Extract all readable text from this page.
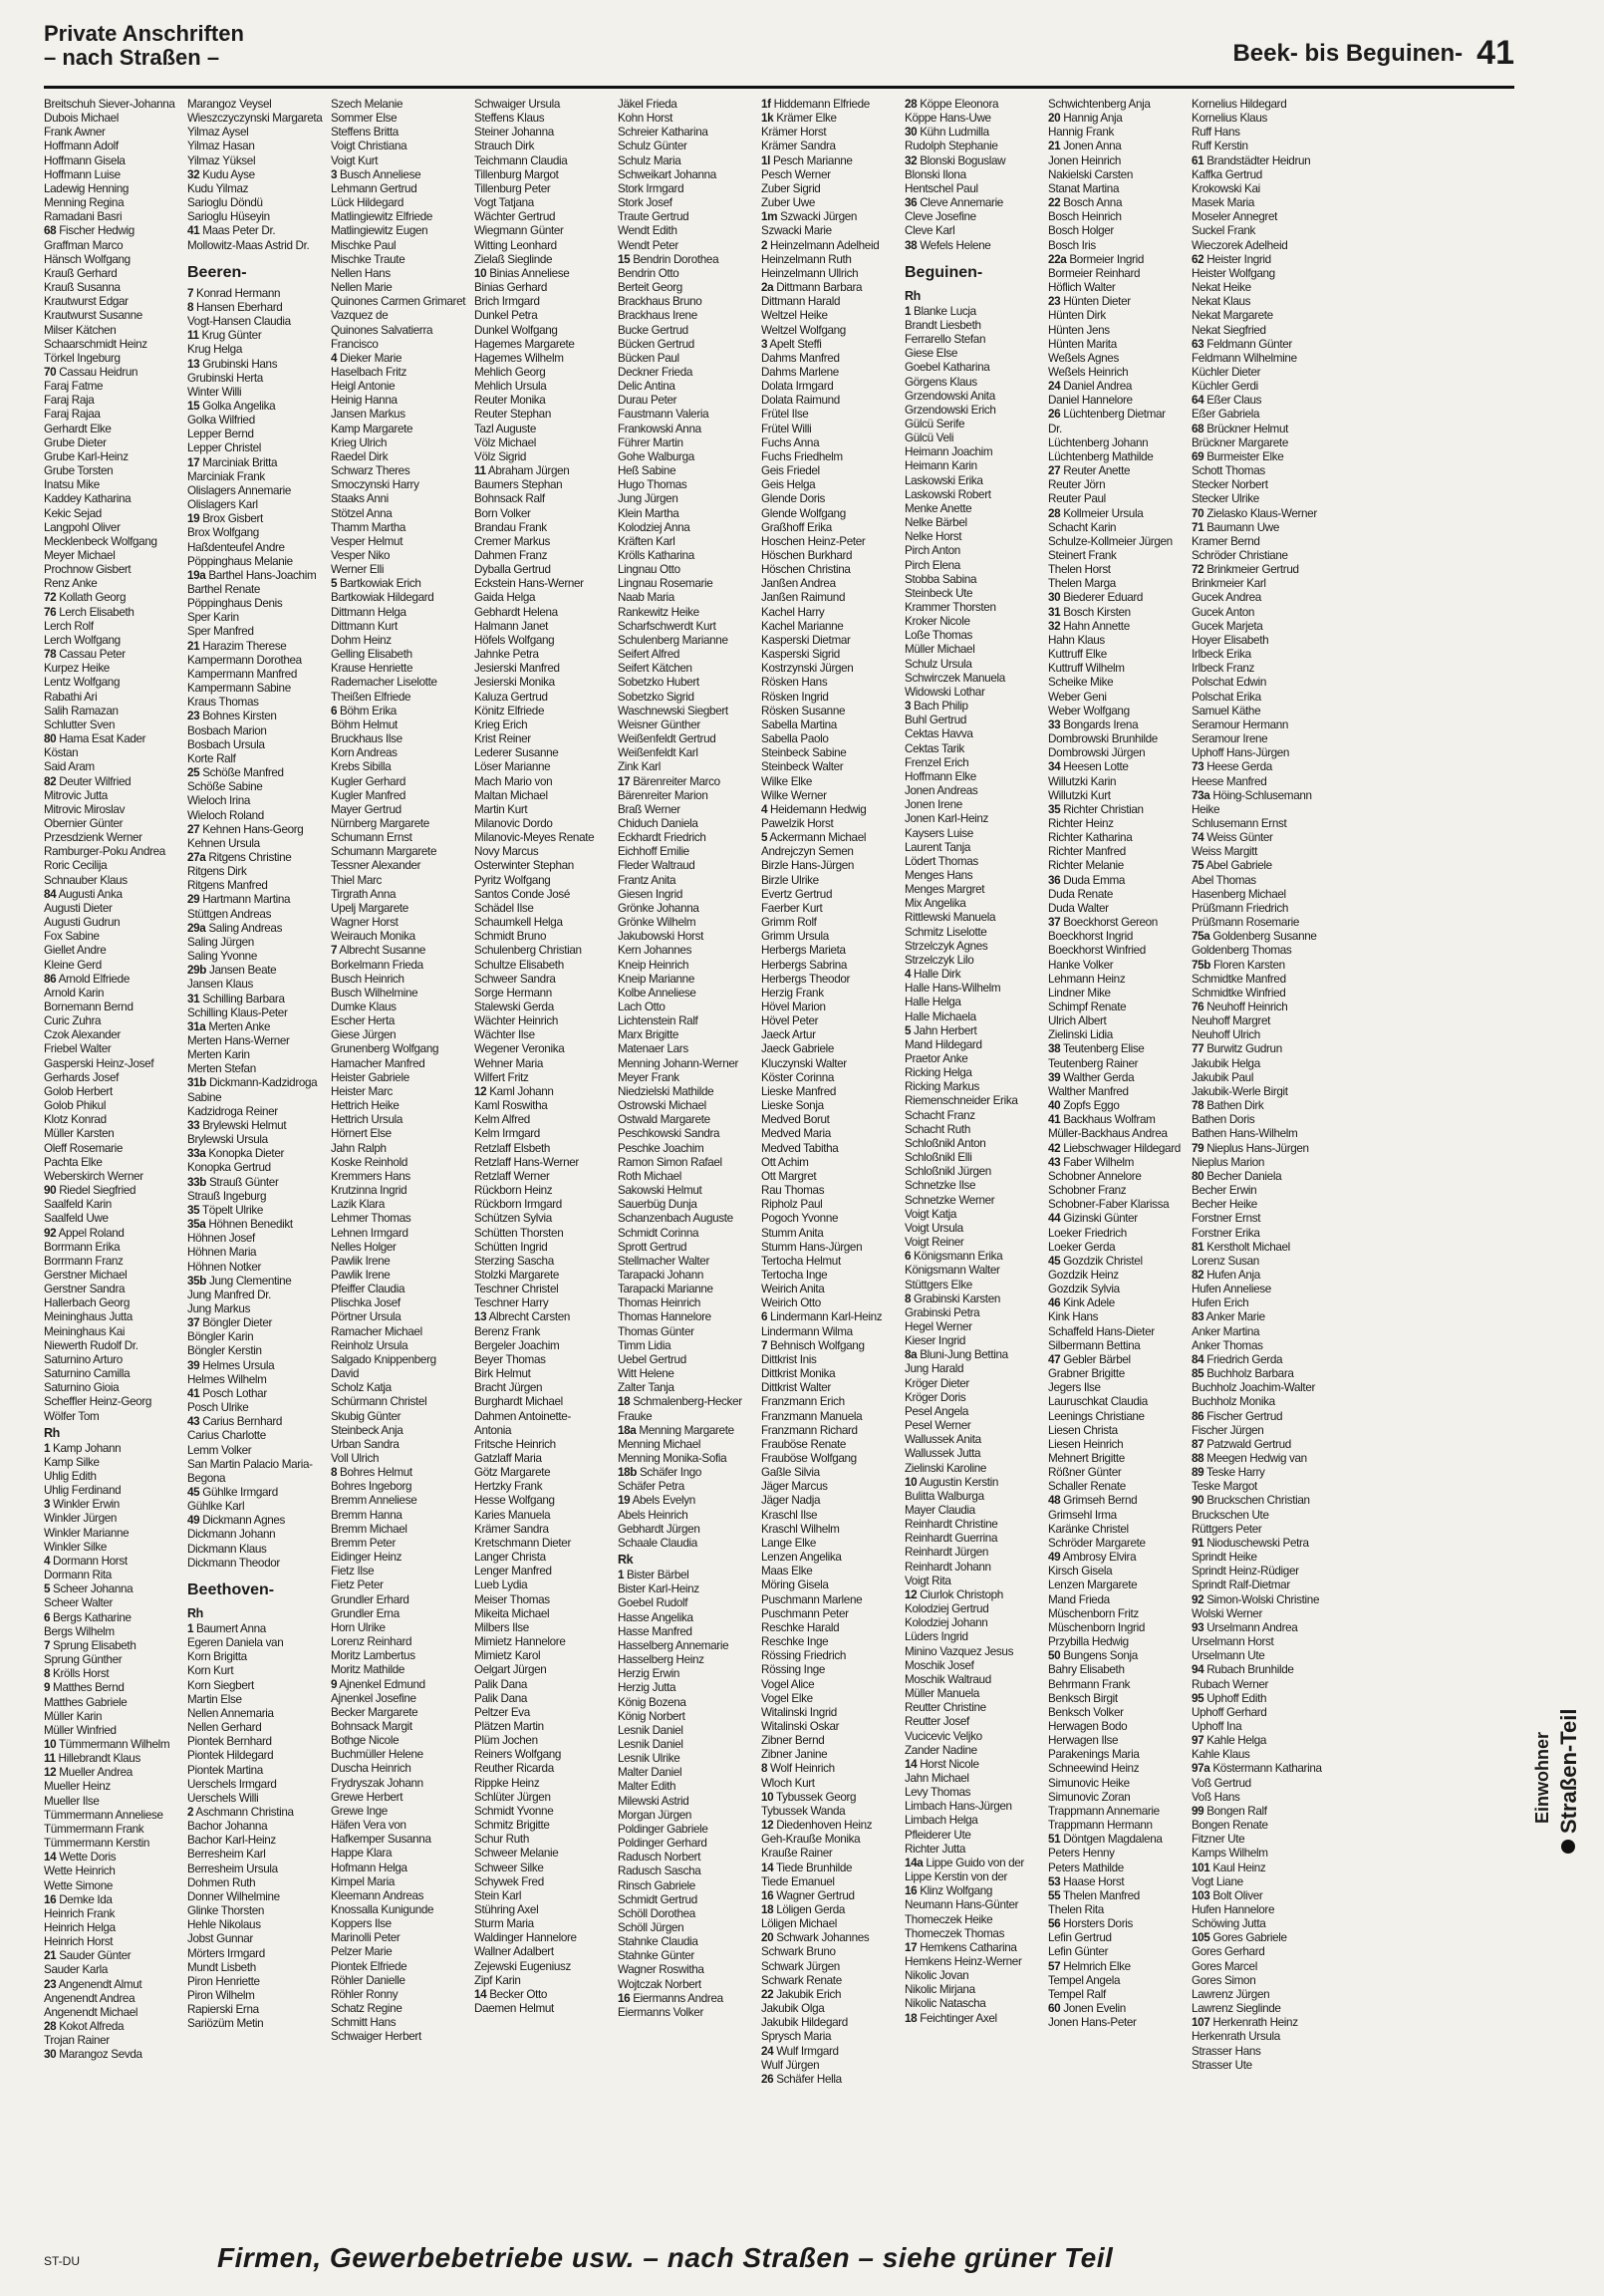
Private Anschriften
– nach Straßen –	Beek- bis Beguinen- 41
Breitschuh Siever-Johanna
Dubois Michael
Frank Awner
Hoffmann Adolf
Hoffmann Gisela
Hoffmann Luise
Ladewig Henning
Menning Regina
Ramadani Basri
68 Fischer Hedwig
Graffman Marco
Hänsch Wolfgang
Krauß Gerhard
Krauß Susanna
Krautwurst Edgar
Krautwurst Susanne
Milser Kätchen
Schaarschmidt Heinz
Törkel Ingeburg
70 Cassau Heidrun
Faraj Fatme
Faraj Raja
Faraj Rajaa
Gerhardt Elke
Grube Dieter
Grube Karl-Heinz
Grube Torsten
Inatsu Mike
Kaddey Katharina
Kekic Sejad
Langpohl Oliver
Mecklenbeck Wolfgang
Meyer Michael
Prochnow Gisbert
Renz Anke
72 Kollath Georg
76 Lerch Elisabeth
Lerch Rolf
Lerch Wolfgang
78 Cassau Peter
Kurpez Heike
Lentz Wolfgang
Rabathi Ari
Salih Ramazan
Schlutter Sven
80 Hama Esat Kader
Köstan
Said Aram
82 Deuter Wilfried
Mitrovic Jutta
Mitrovic Miroslav
Obernier Günter
Przesdzienk Werner
Ramburger-Poku Andrea
Roric Cecilija
Schnauber Klaus
84 Augusti Anka
Augusti Dieter
Augusti Gudrun
Fox Sabine
Giellet Andre
Kleine Gerd
86 Arnold Elfriede
Arnold Karin
Bornemann Bernd
Curic Zuhra
Czok Alexander
Friebel Walter
Gasperski Heinz-Josef
Gerhards Josef
Golob Herbert
Golob Phikul
Klotz Konrad
Müller Karsten
Oleff Rosemarie
Pachta Elke
Weberskirch Werner
90 Riedel Siegfried
Saalfeld Karin
Saalfeld Uwe
92 Appel Roland
Borrmann Erika
Borrmann Franz
Gerstner Michael
Gerstner Sandra
Hallerbach Georg
Meininghaus Jutta
Meininghaus Kai
Niewerth Rudolf Dr.
Saturnino Arturo
Saturnino Camilla
Saturnino Gioia
Scheffler Heinz-Georg
Wölfer Tom
Rh
1 Kamp Johann
Kamp Silke
Uhlig Edith
Uhlig Ferdinand
3 Winkler Erwin
Winkler Jürgen
Winkler Marianne
Winkler Silke
4 Dormann Horst
Dormann Rita
5 Scheer Johanna
Scheer Walter
6 Bergs Katharine
Bergs Wilhelm
7 Sprung Elisabeth
Sprung Günther
8 Krölls Horst
9 Matthes Bernd
Matthes Gabriele
Müller Karin
Müller Winfried
10 Tümmermann Wilhelm
11 Hillebrandt Klaus
12 Mueller Andrea
Mueller Heinz
Mueller Ilse
Tümmermann Anneliese
Tümmermann Frank
Tümmermann Kerstin
14 Wette Doris
Wette Heinrich
Wette Simone
16 Demke Ida
Heinrich Frank
Heinrich Helga
Heinrich Horst
21 Sauder Günter
Sauder Karla
23 Angenendt Almut
Angenendt Andrea
Angenendt Michael
28 Kokot Alfreda
Trojan Rainer
30 Marangoz Sevda
Marangoz Veysel
Wieszczyczynski Margareta
Yilmaz Aysel
Yilmaz Hasan
Yilmaz Yüksel
32 Kudu Ayse
Kudu Yilmaz
Sarioglu Döndü
Sarioglu Hüseyin
41 Maas Peter Dr.
Mollowitz-Maas Astrid Dr.
Beeren-
7 Konrad Hermann
8 Hansen Eberhard
Vogt-Hansen Claudia
11 Krug Günter
Krug Helga
13 Grubinski Hans
Grubinski Herta
Winter Willi
15 Golka Angelika
Golka Wilfried
Lepper Bernd
Lepper Christel
17 Marciniak Britta
Marciniak Frank
Olislagers Annemarie
Olislagers Karl
19 Brox Gisbert
Brox Wolfgang
Haßdenteufel Andre
Pöppinghaus Melanie
19a Barthel Hans-Joachim
Barthel Renate
Pöppinghaus Denis
Sper Karin
Sper Manfred
21 Harazim Therese
Kampermann Dorothea
Kampermann Manfred
Kampermann Sabine
Kraus Thomas
23 Bohnes Kirsten
Bosbach Marion
Bosbach Ursula
Korte Ralf
25 Schöße Manfred
Schöße Sabine
Wieloch Irina
Wieloch Roland
27 Kehnen Hans-Georg
Kehnen Ursula
27a Ritgens Christine
Ritgens Dirk
Ritgens Manfred
29 Hartmann Martina
Stüttgen Andreas
29a Saling Andreas
Saling Jürgen
Saling Yvonne
29b Jansen Beate
Jansen Klaus
31 Schilling Barbara
Schilling Klaus-Peter
31a Merten Anke
Merten Hans-Werner
Merten Karin
Merten Stefan
31b Dickmann-Kadzidroga
Sabine
Kadzidroga Reiner
33 Brylewski Helmut
Brylewski Ursula
33a Konopka Dieter
Konopka Gertrud
33b Strauß Günter
Strauß Ingeburg
35 Töpelt Ulrike
35a Höhnen Benedikt
Höhnen Josef
Höhnen Maria
Höhnen Notker
35b Jung Clementine
Jung Manfred Dr.
Jung Markus
37 Böngler Dieter
Böngler Karin
Böngler Kerstin
39 Helmes Ursula
Helmes Wilhelm
41 Posch Lothar
Posch Ulrike
43 Carius Bernhard
Carius Charlotte
Lemm Volker
San Martin Palacio Maria-
Begona
45 Gühlke Irmgard
Gühlke Karl
49 Dickmann Agnes
Dickmann Johann
Dickmann Klaus
Dickmann Theodor
Beethoven-
Rh
1 Baumert Anna
Egeren Daniela van
Korn Brigitta
Korn Kurt
Korn Siegbert
Martin Else
Nellen Annemaria
Nellen Gerhard
Piontek Bernhard
Piontek Hildegard
Piontek Martina
Uerschels Irmgard
Uerschels Willi
2 Aschmann Christina
Bachor Johanna
Bachor Karl-Heinz
Berresheim Karl
Berresheim Ursula
Dohmen Ruth
Donner Wilhelmine
Glinke Thorsten
Hehle Nikolaus
Jobst Gunnar
Mörters Irmgard
Mundt Lisbeth
Piron Henriette
Piron Wilhelm
Rapierski Erna
Sariözüm Metin
Szech Melanie
Sommer Else
Steffens Britta
Voigt Christiana
Voigt Kurt
3 Busch Anneliese
Lehmann Gertrud
Lück Hildegard
Matlingiewitz Elfriede
Matlingiewitz Eugen
Mischke Paul
Mischke Traute
Nellen Hans
Nellen Marie
Quinones Carmen Grimaret
Vazquez de
Quinones Salvatierra
Francisco
4 Dieker Marie
Haselbach Fritz
Heigl Antonie
Heinig Hanna
Jansen Markus
Kamp Margarete
Krieg Ulrich
Raedel Dirk
Schwarz Theres
Smoczynski Harry
Staaks Anni
Stötzel Anna
Thamm Martha
Vesper Helmut
Vesper Niko
Werner Elli
5 Bartkowiak Erich
Bartkowiak Hildegard
Dittmann Helga
Dittmann Kurt
Dohm Heinz
Gelling Elisabeth
Krause Henriette
Rademacher Liselotte
Theißen Elfriede
6 Böhm Erika
Böhm Helmut
Bruckhaus Ilse
Korn Andreas
Krebs Sibilla
Kugler Gerhard
Kugler Manfred
Mayer Gertrud
Nürnberg Margarete
Schumann Ernst
Schumann Margarete
Tessner Alexander
Thiel Marc
Tirgrath Anna
Upelj Margarete
Wagner Horst
Weirauch Monika
7 Albrecht Susanne
Borkelmann Frieda
Busch Heinrich
Busch Wilhelmine
Dumke Klaus
Escher Herta
Giese Jürgen
Grunenberg Wolfgang
Hamacher Manfred
Heister Gabriele
Heister Marc
Hettrich Heike
Hettrich Ursula
Hörnert Else
Jahn Ralph
Koske Reinhold
Kremmers Hans
Krutzinna Ingrid
Lazik Klara
Lehmer Thomas
Lehnen Irmgard
Nelles Holger
Pawlik Irene
Pawlik Irene
Pfeiffer Claudia
Plischka Josef
Pörtner Ursula
Ramacher Michael
Reinholz Ursula
Salgado Knippenberg
David
Scholz Katja
Schürmann Christel
Skubig Günter
Steinbeck Anja
Urban Sandra
Voll Ulrich
8 Bohres Helmut
Bohres Ingeborg
Bremm Anneliese
Bremm Hanna
Bremm Michael
Bremm Peter
Eidinger Heinz
Fietz Ilse
Fietz Peter
Grundler Erhard
Grundler Erna
Horn Ulrike
Lorenz Reinhard
Moritz Lambertus
Moritz Mathilde
9 Ajnenkel Edmund
Ajnenkel Josefine
Becker Margarete
Bohnsack Margit
Bothge Nicole
Buchmüller Helene
Duscha Heinrich
Frydryszak Johann
Grewe Herbert
Grewe Inge
Häfen Vera von
Hafkemper Susanna
Happe Klara
Hofmann Helga
Kimpel Maria
Kleemann Andreas
Knossalla Kunigunde
Koppers Ilse
Marinolli Peter
Pelzer Marie
Piontek Elfriede
Röhler Danielle
Röhler Ronny
Schatz Regine
Schmitt Hans
Schwaiger Herbert
Schwaiger Ursula
Steffens Klaus
Steiner Johanna
Strauch Dirk
Teichmann Claudia
Tillenburg Margot
Tillenburg Peter
Vogt Tatjana
Wächter Gertrud
Wiegmann Günter
Witting Leonhard
Zielaß Sieglinde
10 Binias Anneliese
Binias Gerhard
Brich Irmgard
Dunkel Petra
Dunkel Wolfgang
Hagemes Margarete
Hagemes Wilhelm
Mehlich Georg
Mehlich Ursula
Reuter Monika
Reuter Stephan
Tazl Auguste
Völz Michael
Völz Sigrid
11 Abraham Jürgen
Baumers Stephan
Bohnsack Ralf
Born Volker
Brandau Frank
Cremer Markus
Dahmen Franz
Dyballa Gertrud
Eckstein Hans-Werner
Gaida Helga
Gebhardt Helena
Halmann Janet
Höfels Wolfgang
Jahnke Petra
Jesierski Manfred
Jesierski Monika
Kaluza Gertrud
Könitz Elfriede
Krieg Erich
Krist Reiner
Lederer Susanne
Löser Marianne
Mach Mario von
Maltan Michael
Martin Kurt
Milanovic Dordo
Milanovic-Meyes Renate
Novy Marcus
Osterwinter Stephan
Pyritz Wolfgang
Santos Conde José
Schädel Ilse
Schaumkell Helga
Schmidt Bruno
Schulenberg Christian
Schultze Elisabeth
Schweer Sandra
Sorge Hermann
Stalewski Gerda
Wächter Heinrich
Wächter Ilse
Wegener Veronika
Wehner Maria
Wilfert Fritz
12 Kaml Johann
Kaml Roswitha
Kelm Alfred
Kelm Irmgard
Retzlaff Elsbeth
Retzlaff Hans-Werner
Retzlaff Werner
Rückborn Heinz
Rückborn Irmgard
Schützen Sylvia
Schütten Thorsten
Schütten Ingrid
Sterzing Sascha
Stolzki Margarete
Teschner Christel
Teschner Harry
13 Albrecht Carsten
Berenz Frank
Bergeler Joachim
Beyer Thomas
Birk Helmut
Bracht Jürgen
Burghardt Michael
Dahmen Antoinette-
Antonia
Fritsche Heinrich
Gatzlaff Maria
Götz Margarete
Hertzky Frank
Hesse Wolfgang
Karies Manuela
Krämer Sandra
Kretschmann Dieter
Langer Christa
Lenger Manfred
Lueb Lydia
Meiser Thomas
Mikeita Michael
Milbers Ilse
Mimietz Hannelore
Mimietz Karol
Oelgart Jürgen
Palik Dana
Palik Dana
Peltzer Eva
Plätzen Martin
Plüm Jochen
Reiners Wolfgang
Reuther Ricarda
Rippke Heinz
Schlüter Jürgen
Schmidt Yvonne
Schmitz Brigitte
Schur Ruth
Schweer Melanie
Schweer Silke
Schywek Fred
Stein Karl
Stühring Axel
Sturm Maria
Waldinger Hannelore
Wallner Adalbert
Zejewski Eugeniusz
Zipf Karin
14 Becker Otto
Daemen Helmut
Jäkel Frieda
Kohn Horst
Schreier Katharina
Schulz Günter
Schulz Maria
Schweikart Johanna
Stork Irmgard
Stork Josef
Traute Gertrud
Wendt Edith
Wendt Peter
15 Bendrin Dorothea
Bendrin Otto
Berteit Georg
Brackhaus Bruno
Brackhaus Irene
Bucke Gertrud
Bücken Gertrud
Bücken Paul
Deckner Frieda
Delic Antina
Durau Peter
Faustmann Valeria
Frankowski Anna
Führer Martin
Gohe Walburga
Heß Sabine
Hugo Thomas
Jung Jürgen
Klein Martha
Kolodziej Anna
Kräften Karl
Krölls Katharina
Lingnau Otto
Lingnau Rosemarie
Naab Maria
Rankewitz Heike
Scharfschwerdt Kurt
Schulenberg Marianne
Seifert Alfred
Seifert Kätchen
Sobetzko Hubert
Sobetzko Sigrid
Waschnewski Siegbert
Weisner Günther
Weißenfeldt Gertrud
Weißenfeldt Karl
Zink Karl
17 Bärenreiter Marco
Bärenreiter Marion
Braß Werner
Chiduch Daniela
Eckhardt Friedrich
Eichhoff Emilie
Fleder Waltraud
Frantz Anita
Giesen Ingrid
Grönke Johanna
Grönke Wilhelm
Jakubowski Horst
Kern Johannes
Kneip Heinrich
Kneip Marianne
Kolbe Anneliese
Lach Otto
Lichtenstein Ralf
Marx Brigitte
Matenaer Lars
Menning Johann-Werner
Meyer Frank
Niedzielski Mathilde
Ostrowski Michael
Ostwald Margarete
Peschkowski Sandra
Peschke Joachim
Ramon Simon Rafael
Roth Michael
Sakowski Helmut
Sauerbüg Dunja
Schanzenbach Auguste
Schmidt Corinna
Sprott Gertrud
Stellmacher Walter
Tarapacki Johann
Tarapacki Marianne
Thomas Heinrich
Thomas Hannelore
Thomas Günter
Timm Lidia
Uebel Gertrud
Witt Helene
Zalter Tanja
18 Schmalenberg-Hecker
Frauke
18a Menning Margarete
Menning Michael
Menning Monika-Sofia
18b Schäfer Ingo
Schäfer Petra
19 Abels Evelyn
Abels Heinrich
Gebhardt Jürgen
Schaale Claudia
Rk
1 Bister Bärbel
Bister Karl-Heinz
Goebel Rudolf
Hasse Angelika
Hasse Manfred
Hasselberg Annemarie
Hasselberg Heinz
Herzig Erwin
Herzig Jutta
König Bozena
König Norbert
Lesnik Daniel
Lesnik Daniel
Lesnik Ulrike
Malter Daniel
Malter Edith
Milewski Astrid
Morgan Jürgen
Poldinger Gabriele
Poldinger Gerhard
Radusch Norbert
Radusch Sascha
Rinsch Gabriele
Schmidt Gertrud
Schöll Dorothea
Schöll Jürgen
Stahnke Claudia
Stahnke Günter
Wagner Roswitha
Wojtczak Norbert
16 Eiermanns Andrea
Eiermanns Volker
1f Hiddemann Elfriede
1k Krämer Elke
Krämer Horst
Krämer Sandra
1l Pesch Marianne
Pesch Werner
Zuber Sigrid
Zuber Uwe
1m Szwacki Jürgen
Szwacki Marie
2 Heinzelmann Adelheid
Heinzelmann Ruth
Heinzelmann Ullrich
2a Dittmann Barbara
Dittmann Harald
Weltzel Heike
Weltzel Wolfgang
3 Apelt Steffi
Dahms Manfred
Dahms Marlene
Dolata Irmgard
Dolata Raimund
Frütel Ilse
Frütel Willi
Fuchs Anna
Fuchs Friedhelm
Geis Friedel
Geis Helga
Glende Doris
Glende Wolfgang
Graßhoff Erika
Hoschen Heinz-Peter
Höschen Burkhard
Höschen Christina
Janßen Andrea
Janßen Raimund
Kachel Harry
Kachel Marianne
Kasperski Dietmar
Kasperski Sigrid
Kostrzynski Jürgen
Rösken Hans
Rösken Ingrid
Rösken Susanne
Sabella Martina
Sabella Paolo
Steinbeck Sabine
Steinbeck Walter
Wilke Elke
Wilke Werner
4 Heidemann Hedwig
Pawelzik Horst
5 Ackermann Michael
Andrejczyn Semen
Birzle Hans-Jürgen
Birzle Ulrike
Evertz Gertrud
Faerber Kurt
Grimm Rolf
Grimm Ursula
Herbergs Marieta
Herbergs Sabrina
Herbergs Theodor
Herzig Frank
Hövel Marion
Hövel Peter
Jaeck Artur
Jaeck Gabriele
Kluczynski Walter
Köster Corinna
Lieske Manfred
Lieske Sonja
Medved Borut
Medved Maria
Medved Tabitha
Ott Achim
Ott Margret
Rau Thomas
Ripholz Paul
Pogoch Yvonne
Stumm Anita
Stumm Hans-Jürgen
Tertocha Helmut
Tertocha Inge
Weirich Anita
Weirich Otto
6 Lindermann Karl-Heinz
Lindermann Wilma
7 Behnisch Wolfgang
Dittkrist Inis
Dittkrist Monika
Dittkrist Walter
Franzmann Erich
Franzmann Manuela
Franzmann Richard
Frauböse Renate
Frauböse Wolfgang
Gaßle Silvia
Jäger Marcus
Jäger Nadja
Kraschl Ilse
Kraschl Wilhelm
Lange Elke
Lenzen Angelika
Maas Elke
Möring Gisela
Puschmann Marlene
Puschmann Peter
Reschke Harald
Reschke Inge
Rössing Friedrich
Rössing Inge
Vogel Alice
Vogel Elke
Witalinski Ingrid
Witalinski Oskar
Zibner Bernd
Zibner Janine
8 Wolf Heinrich
Wloch Kurt
10 Tybussek Georg
Tybussek Wanda
12 Diedenhoven Heinz
Geh-Krauße Monika
Krauße Rainer
14 Tiede Brunhilde
Tiede Emanuel
16 Wagner Gertrud
18 Löligen Gerda
Löligen Michael
20 Schwark Johannes
Schwark Bruno
Schwark Jürgen
Schwark Renate
22 Jakubik Erich
Jakubik Olga
Jakubik Hildegard
Sprysch Maria
24 Wulf Irmgard
Wulf Jürgen
26 Schäfer Hella
28 Köppe Eleonora
Köppe Hans-Uwe
30 Kühn Ludmilla
Rudolph Stephanie
32 Blonski Boguslaw
Blonski Ilona
Hentschel Paul
36 Cleve Annemarie
Cleve Josefine
Cleve Karl
38 Wefels Helene
Beguinen-
Rh
1 Blanke Lucja
Brandt Liesbeth
Ferrarello Stefan
Giese Else
Goebel Katharina
Görgens Klaus
Grzendowski Anita
Grzendowski Erich
Gülcü Serife
Gülcü Veli
Heimann Joachim
Heimann Karin
Laskowski Erika
Laskowski Robert
Menke Anette
Nelke Bärbel
Nelke Horst
Pirch Anton
Pirch Elena
Stobba Sabina
Steinbeck Ute
Krammer Thorsten
Kroker Nicole
Loße Thomas
Müller Michael
Schulz Ursula
Schwirczek Manuela
Widowski Lothar
3 Bach Philip
Buhl Gertrud
Cektas Havva
Cektas Tarik
Frenzel Erich
Hoffmann Elke
Jonen Andreas
Jonen Irene
Jonen Karl-Heinz
Kaysers Luise
Laurent Tanja
Lödert Thomas
Menges Hans
Menges Margret
Mix Angelika
Rittlewski Manuela
Schmitz Liselotte
Strzelczyk Agnes
Strzelczyk Lilo
4 Halle Dirk
Halle Hans-Wilhelm
Halle Helga
Halle Michaela
5 Jahn Herbert
Mand Hildegard
Praetor Anke
Ricking Helga
Ricking Markus
Riemenschneider Erika
Schacht Franz
Schacht Ruth
Schloßnikl Anton
Schloßnikl Elli
Schloßnikl Jürgen
Schnetzke Ilse
Schnetzke Werner
Voigt Katja
Voigt Ursula
Voigt Reiner
6 Königsmann Erika
Königsmann Walter
Stüttgers Elke
8 Grabinski Karsten
Grabinski Petra
Hegel Werner
Kieser Ingrid
8a Bluni-Jung Bettina
Jung Harald
Kröger Dieter
Kröger Doris
Pesel Angela
Pesel Werner
Wallussek Anita
Wallussek Jutta
Zielinski Karoline
10 Augustin Kerstin
Bulitta Walburga
Mayer Claudia
Reinhardt Christine
Reinhardt Guerrina
Reinhardt Jürgen
Reinhardt Johann
Voigt Rita
12 Ciurlok Christoph
Kolodziej Gertrud
Kolodziej Johann
Lüders Ingrid
Minino Vazquez Jesus
Moschik Josef
Moschik Waltraud
Müller Manuela
Reutter Christine
Reutter Josef
Vucicevic Veljko
Zander Nadine
14 Horst Nicole
Jahn Michael
Levy Thomas
Limbach Hans-Jürgen
Limbach Helga
Pfleiderer Ute
Richter Jutta
14a Lippe Guido von der
Lippe Kerstin von der
16 Klinz Wolfgang
Neumann Hans-Günter
Thomeczek Heike
Thomeczek Thomas
17 Hemkens Catharina
Hemkens Heinz-Werner
Nikolic Jovan
Nikolic Mirjana
Nikolic Natascha
18 Feichtinger Axel
Schwichtenberg Anja
20 Hannig Anja
Hannig Frank
21 Jonen Anna
Jonen Heinrich
Nakielski Carsten
Stanat Martina
22 Bosch Anna
Bosch Heinrich
Bosch Holger
Bosch Iris
22a Bormeier Ingrid
Bormeier Reinhard
Höflich Walter
23 Hünten Dieter
Hünten Dirk
Hünten Jens
Hünten Marita
Weßels Agnes
Weßels Heinrich
24 Daniel Andrea
Daniel Hannelore
26 Lüchtenberg Dietmar
Dr.
Lüchtenberg Johann
Lüchtenberg Mathilde
27 Reuter Anette
Reuter Jörn
Reuter Paul
28 Kollmeier Ursula
Schacht Karin
Schulze-Kollmeier Jürgen
Steinert Frank
Thelen Horst
Thelen Marga
30 Biederer Eduard
31 Bosch Kirsten
32 Hahn Annette
Hahn Klaus
Kuttruff Elke
Kuttruff Wilhelm
Scheike Mike
Weber Geni
Weber Wolfgang
33 Bongards Irena
Dombrowski Brunhilde
Dombrowski Jürgen
34 Heesen Lotte
Willutzki Karin
Willutzki Kurt
35 Richter Christian
Richter Heinz
Richter Katharina
Richter Manfred
Richter Melanie
36 Duda Emma
Duda Renate
Duda Walter
37 Boeckhorst Gereon
Boeckhorst Ingrid
Boeckhorst Winfried
Hanke Volker
Lehmann Heinz
Lindner Mike
Schimpf Renate
Ulrich Albert
Zielinski Lidia
38 Teutenberg Elise
Teutenberg Rainer
39 Walther Gerda
Walther Manfred
40 Zopfs Eggo
41 Backhaus Wolfram
Müller-Backhaus Andrea
42 Liebschwager Hildegard
43 Faber Wilhelm
Schobner Annelore
Schobner Franz
Schobner-Faber Klarissa
44 Gizinski Günter
Loeker Friedrich
Loeker Gerda
45 Gozdzik Christel
Gozdzik Heinz
Gozdzik Sylvia
46 Kink Adele
Kink Hans
Schaffeld Hans-Dieter
Silbermann Bettina
47 Gebler Bärbel
Grabner Brigitte
Jegers Ilse
Lauruschkat Claudia
Leenings Christiane
Liesen Christa
Liesen Heinrich
Mehnert Brigitte
Rößner Günter
Schaller Renate
48 Grimseh Bernd
Grimsehl Irma
Karänke Christel
Schröder Margarete
49 Ambrosy Elvira
Kirsch Gisela
Lenzen Margarete
Mand Frieda
Müschenborn Fritz
Müschenborn Ingrid
Przybilla Hedwig
50 Bungens Sonja
Bahry Elisabeth
Behrmann Frank
Benksch Birgit
Benksch Volker
Herwagen Bodo
Herwagen Ilse
Parakenings Maria
Schneewind Heinz
Simunovic Heike
Simunovic Zoran
Trappmann Annemarie
Trappmann Hermann
51 Döntgen Magdalena
Peters Henny
Peters Mathilde
53 Haase Horst
55 Thelen Manfred
Thelen Rita
56 Horsters Doris
Lefin Gertrud
Lefin Günter
57 Helmrich Elke
Tempel Angela
Tempel Ralf
60 Jonen Evelin
Jonen Hans-Peter
Kornelius Hildegard
Kornelius Klaus
Ruff Hans
Ruff Kerstin
61 Brandstädter Heidrun
Kaffka Gertrud
Krokowski Kai
Masek Maria
Moseler Annegret
Suckel Frank
Wieczorek Adelheid
62 Heister Ingrid
Heister Wolfgang
Nekat Heike
Nekat Klaus
Nekat Margarete
Nekat Siegfried
63 Feldmann Günter
Feldmann Wilhelmine
Küchler Dieter
Küchler Gerdi
64 Eßer Claus
Eßer Gabriela
68 Brückner Helmut
Brückner Margarete
69 Burmeister Elke
Schott Thomas
Stecker Norbert
Stecker Ulrike
70 Zielasko Klaus-Werner
71 Baumann Uwe
Kramer Bernd
Schröder Christiane
72 Brinkmeier Gertrud
Brinkmeier Karl
Gucek Andrea
Gucek Anton
Gucek Marjeta
Hoyer Elisabeth
Irlbeck Erika
Irlbeck Franz
Polschat Edwin
Polschat Erika
Samuel Käthe
Seramour Hermann
Seramour Irene
Uphoff Hans-Jürgen
73 Heese Gerda
Heese Manfred
73a Höing-Schlusemann
Heike
Schlusemann Ernst
74 Weiss Günter
Weiss Margitt
75 Abel Gabriele
Abel Thomas
Hasenberg Michael
Prüßmann Friedrich
Prüßmann Rosemarie
75a Goldenberg Susanne
Goldenberg Thomas
75b Floren Karsten
Schmidtke Manfred
Schmidtke Winfried
76 Neuhoff Heinrich
Neuhoff Margret
Neuhoff Ulrich
77 Burwitz Gudrun
Jakubik Helga
Jakubik Paul
Jakubik-Werle Birgit
78 Bathen Dirk
Bathen Doris
Bathen Hans-Wilhelm
79 Nieplus Hans-Jürgen
Nieplus Marion
80 Becher Daniela
Becher Erwin
Becher Heike
Forstner Ernst
Forstner Erika
81 Kerstholt Michael
Lorenz Susan
82 Hufen Anja
Hufen Anneliese
Hufen Erich
83 Anker Marie
Anker Martina
Anker Thomas
84 Friedrich Gerda
85 Buchholz Barbara
Buchholz Joachim-Walter
Buchholz Monika
86 Fischer Gertrud
Fischer Jürgen
87 Patzwald Gertrud
88 Meegen Hedwig van
89 Teske Harry
Teske Margot
90 Bruckschen Christian
Bruckschen Ute
Rüttgers Peter
91 Nioduschewski Petra
Sprindt Heike
Sprindt Heinz-Rüdiger
Sprindt Ralf-Dietmar
92 Simon-Wolski Christine
Wolski Werner
93 Urselmann Andrea
Urselmann Horst
Urselmann Ute
94 Rubach Brunhilde
Rubach Werner
95 Uphoff Edith
Uphoff Gerhard
Uphoff Ina
97 Kahle Helga
Kahle Klaus
97a Köstermann Katharina
Voß Gertrud
Voß Hans
99 Bongen Ralf
Bongen Renate
Fitzner Ute
Kamps Wilhelm
101 Kaul Heinz
Vogt Liane
103 Bolt Oliver
Hufen Hannelore
Schöwing Jutta
105 Gores Gabriele
Gores Gerhard
Gores Marcel
Gores Simon
Lawrenz Jürgen
Lawrenz Sieglinde
107 Herkenrath Heinz
Herkenrath Ursula
Strasser Hans
Strasser Ute
Einwohner Straßen-Teil
ST-DU	Firmen, Gewerbebetriebe usw. – nach Straßen – siehe grüner Teil
